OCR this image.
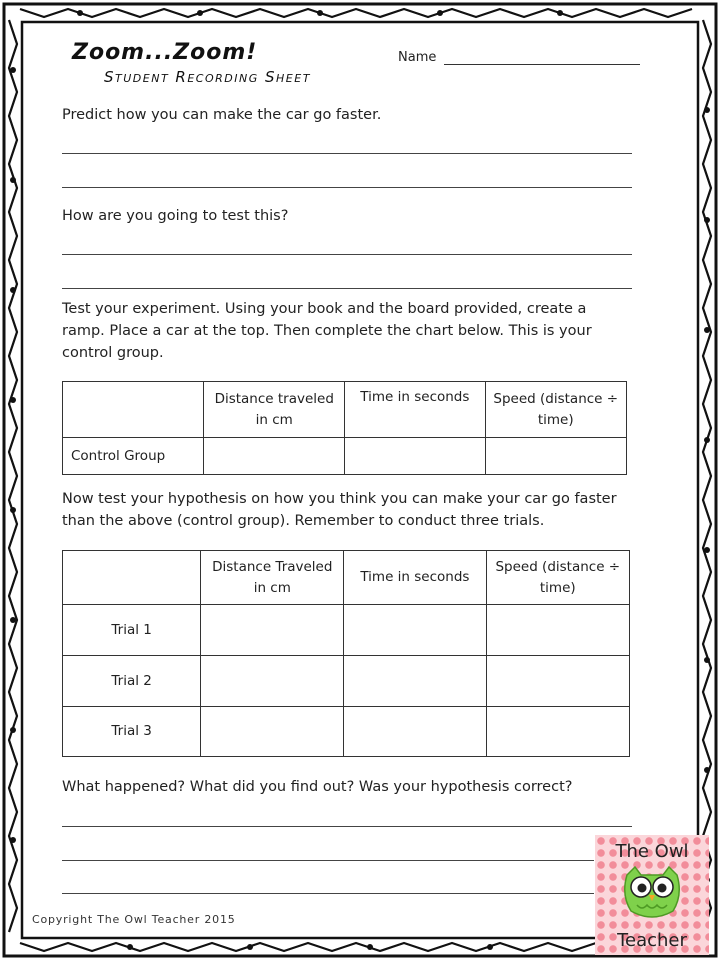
Zoom...Zoom!
Student Recording Sheet
Name
Predict how you can make the car go faster.
How are you going to test this?
Test your experiment. Using your book and the board provided, create a ramp. Place a car at the top. Then complete the chart below. This is your control group.
	Distance traveled in cm	Time in seconds	Speed (distance ÷ time)
Control Group			
Now test your hypothesis on how you think you can make your car go faster than the above (control group). Remember to conduct three trials.
	Distance Traveled in cm	Time in seconds	Speed (distance ÷ time)
Trial 1			
Trial 2			
Trial 3			
What happened? What did you find out? Was your hypothesis correct?
Copyright The Owl Teacher 2015
The Owl
Teacher
